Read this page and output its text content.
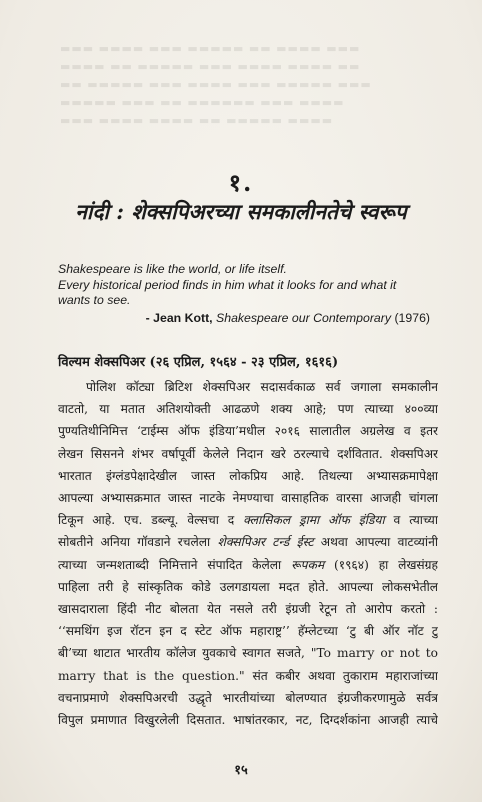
▬▬▬ ▬▬▬▬ ▬▬▬ ▬▬▬▬▬ ▬▬ ▬▬▬▬ ▬▬▬
▬▬▬▬ ▬▬ ▬▬▬▬▬ ▬▬▬ ▬▬▬▬ ▬▬▬▬ ▬▬
▬▬ ▬▬▬▬▬ ▬▬▬ ▬▬▬▬ ▬▬▬ ▬▬▬▬▬ ▬▬▬
▬▬▬▬▬ ▬▬▬ ▬▬ ▬▬▬▬▬▬ ▬▬▬ ▬▬▬▬
▬▬▬ ▬▬▬▬ ▬▬▬▬ ▬▬ ▬▬▬▬▬ ▬▬▬▬
१.
नांदी : शेक्सपिअरच्या समकालीनतेचे स्वरूप

Shakespeare is like the world, or life itself.

Every historical period finds in him what it looks for and what it

wants to see.

- Jean Kott, Shakespeare our Contemporary (1976)
विल्यम शेक्सपिअर (२६ एप्रिल, १५६४ - २३ एप्रिल, १६१६)
पोलिश कॉट्या ब्रिटिश शेक्सपिअर सदासर्वकाळ सर्व जगाला समकालीन
वाटतो, या मतात अतिशयोक्ती आढळणे शक्य आहे; पण त्याच्या ४००व्या
पुण्यतिथीनिमित्त ‘टाईम्स ऑफ इंडिया’मधील २०१६ सालातील अग्रलेख व इतर
लेखन सिसनने शंभर वर्षापूर्वी केलेले निदान खरे ठरल्याचे दर्शवितात. शेक्सपिअर
भारतात इंग्लंडपेक्षादेखील जास्त लोकप्रिय आहे. तिथल्या अभ्यासक्रमापेक्षा
आपल्या अभ्यासक्रमात जास्त नाटके नेमण्याचा वासाहतिक वारसा आजही चांगला
टिकून आहे. एच. डब्ल्यू. वेल्सचा द क्लासिकल ड्रामा ऑफ इंडिया व त्याच्या
सोबतीने अनिया गॉवडाने रचलेला शेक्सपिअर टर्न्ड ईस्ट अथवा आपल्या वाटव्यांनी
त्याच्या जन्मशताब्दी निमित्ताने संपादित केलेला रूपकम (१९६४) हा लेखसंग्रह
पाहिला तरी हे सांस्कृतिक कोडे उलगडायला मदत होते. आपल्या लोकसभेतील
खासदाराला हिंदी नीट बोलता येत नसले तरी इंग्रजी रेटून तो आरोप करतो :
‘‘समथिंग इज रॉटन इन द स्टेट ऑफ महाराष्ट्र’’ हॅम्लेटच्या ‘टु बी ऑर नॉट टु
बी’च्या थाटात भारतीय कॉलेज युवकाचे स्वागत सजते, "To marry or not to
marry that is the question." संत कबीर अथवा तुकाराम महाराजांच्या
वचनाप्रमाणे शेक्सपिअरची उद्धृते भारतीयांच्या बोलण्यात इंग्रजीकरणामुळे सर्वत्र
विपुल प्रमाणात विखुरलेली दिसतात. भाषांतरकार, नट, दिग्दर्शकांना आजही त्याचे
१५
